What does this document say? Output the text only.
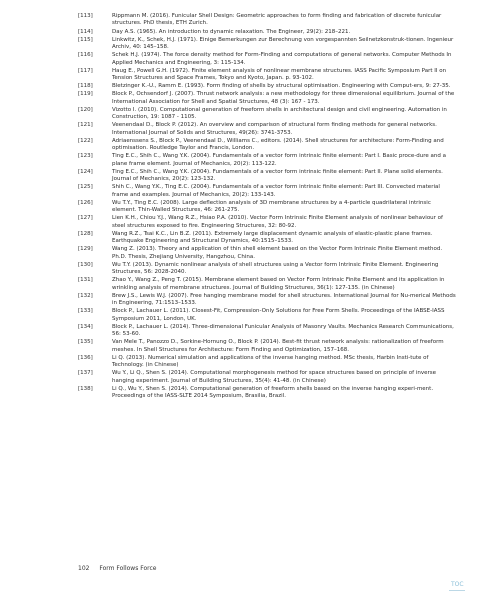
[113]	Rippmann M. (2016). Funicular Shell Design: Geometric approaches to form finding and fabrication of discrete funicular structures. PhD thesis, ETH Zurich.
[114]	Day A.S. (1965). An introduction to dynamic relaxation. The Engineer, 29(2): 218–221.
[115]	Linkwitz, K., Schek, H.J. (1971). Einige Bemerkungen zur Berechnung von vorgespannten Seilnetzkonstruk-tionen. Ingenieur Archiv, 40: 145–158.
[116]	Schek H.J. (1974). The force density method for Form-Finding and computations of general networks. Computer Methods In Applied Mechanics and Engineering, 3: 115-134.
[117]	Haug E., Powell G.H. (1972). Finite element analysis of nonlinear membrane structures. IASS Pacific Symposium Part II on Tension Structures and Space Frames, Tokyo and Kyoto, Japan. p. 93-102.
[118]	Bletzinger K.-U., Ramm E. (1993). Form finding of shells by structural optimisation. Engineering with Comput-ers, 9: 27-35.
[119]	Block P., Ochsendorf J. (2007). Thrust network analysis: a new methodology for three dimensional equilibrium. Journal of the International Association for Shell and Spatial Structures, 48 (3): 167 - 173.
[120]	Vizotto I. (2010). Computational generation of freeform shells in architectural design and civil engineering. Automation in Construction, 19: 1087 - 1105.
[121]	Veenendaal D., Block P. (2012). An overview and comparison of structural form finding methods for general networks. International Journal of Solids and Structures, 49(26): 3741-3753.
[122]	Adriaenssens S., Block P., Veenendaal D., Williams C., editors. (2014). Shell structures for architecture: Form-Finding and optimisation. Routledge Taylor and Francis, London.
[123]	Ting E.C., Shih C., Wang Y.K. (2004). Fundamentals of a vector form intrinsic finite element: Part I. Basic proce-dure and a plane frame element. Journal of Mechanics, 20(2): 113-122.
[124]	Ting E.C., Shih C., Wang Y.K. (2004). Fundamentals of a vector form intrinsic finite element: Part II. Plane solid elements. Journal of Mechanics, 20(2): 123-132.
[125]	Shih C., Wang Y.K., Ting E.C. (2004). Fundamentals of a vector form intrinsic finite element: Part III. Convected material frame and examples. Journal of Mechanics, 20(2): 133-143.
[126]	Wu T.Y., Ting E.C. (2008). Large deflection analysis of 3D membrane structures by a 4-particle quadrilateral intrinsic element. Thin-Walled Structures, 46: 261-275.
[127]	Lien K.H., Chiou Y.J., Wang R.Z., Hsiao P.A. (2010). Vector Form Intrinsic Finite Element analysis of nonlinear behaviour of steel structures exposed to fire. Engineering Structures, 32: 80-92.
[128]	Wang R.Z., Tsai K.C., Lin B.Z. (2011). Extremely large displacement dynamic analysis of elastic-plastic plane frames. Earthquake Engineering and Structural Dynamics, 40:1515–1533.
[129]	Wang Z. (2013). Theory and application of thin shell element based on the Vector Form Intrinsic Finite Element method. Ph.D. Thesis, Zhejiang University, Hangzhou, China.
[130]	Wu T.Y. (2013). Dynamic nonlinear analysis of shell structures using a Vector form Intrinsic Finite Element. Engineering Structures, 56: 2028-2040.
[131]	Zhao Y., Wang Z., Peng T. (2015). Membrane element based on Vector Form Intrinsic Finite Element and its application in wrinkling analysis of membrane structures. Journal of Building Structures, 36(1): 127-135. (in Chinese)
[132]	Brew J.S., Lewis W.J. (2007). Free hanging membrane model for shell structures. International Journal for Nu-merical Methods in Engineering, 71:1513–1533.
[133]	Block P., Lachauer L. (2011). Closest-Fit, Compression-Only Solutions for Free Form Shells. Proceedings of the IABSE-IASS Symposium 2011, London, UK.
[134]	Block P., Lachauer L. (2014). Three-dimensional Funicular Analysis of Masonry Vaults. Mechanics Research Communications, 56: 53-60.
[135]	Van Mele T., Panozzo D., Sorkine-Hornung O., Block P. (2014). Best-fit thrust network analysis: rationalization of freeform meshes. In Shell Structures for Architecture: Form Finding and Optimization, 157–168.
[136]	Li Q. (2013). Numerical simulation and applications of the inverse hanging method. MSc thesis, Harbin Insti-tute of Technology. (in Chinese)
[137]	Wu Y., Li Q., Shen S. (2014). Computational morphogenesis method for space structures based on principle of inverse hanging experiment. Journal of Building Structures, 35(4): 41-48. (in Chinese)
[138]	Li Q., Wu Y., Shen S. (2014). Computational generation of freeform shells based on the inverse hanging experi-ment. Proceedings of the IASS-SLTE 2014 Symposium, Brasilia, Brazil.
102 Form Follows Force
TOC
